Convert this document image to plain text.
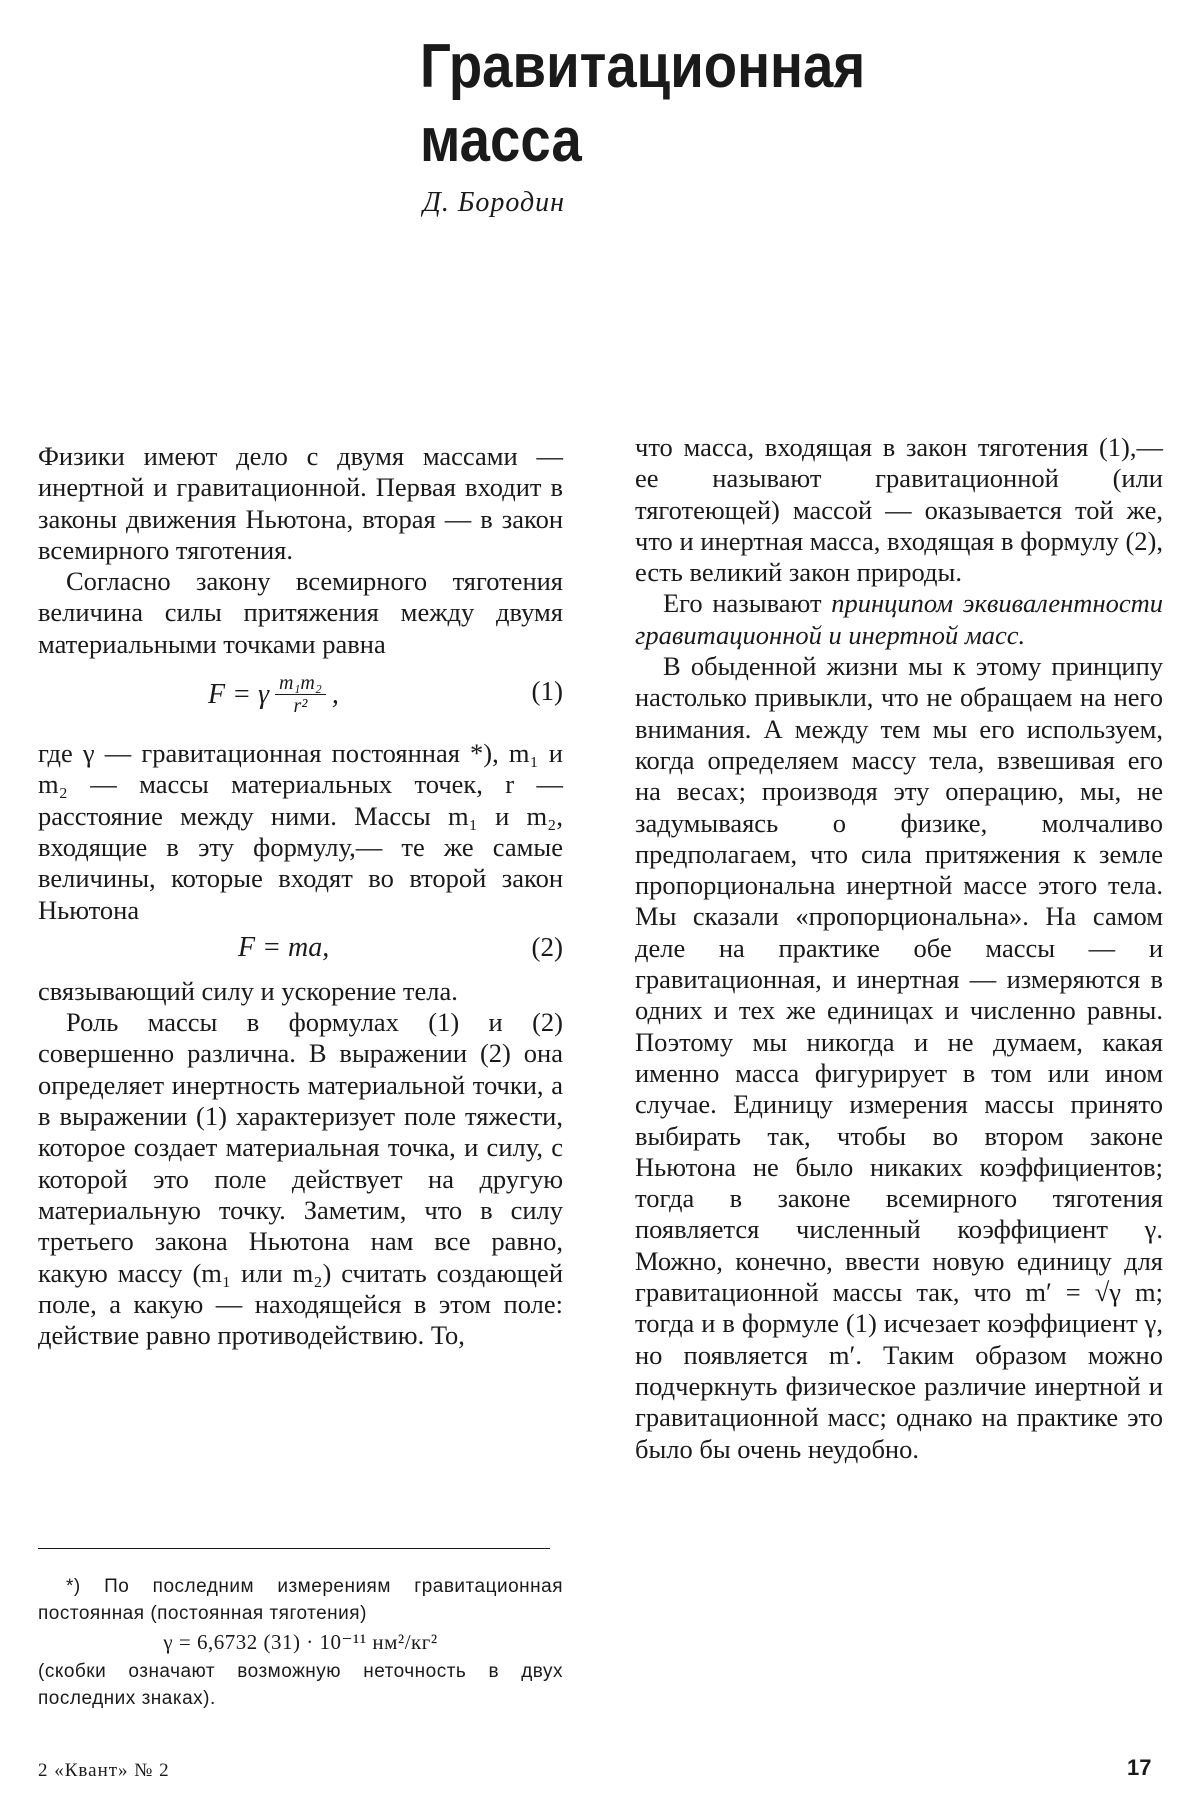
Гравитационная
масса
Д. Бородин

Физики имеют дело с двумя массами — инертной и гравитационной. Первая входит в законы движения Ньютона, вторая — в закон всемирного тяготения.

Согласно закону всемирного тяготения величина силы притяжения между двумя материальными точками равна

F = γ $\frac{\text{m₁m₂}}{\text{r²}}$ ,	(1)

где γ — гравитационная постоянная *), m₁ и m₂ — массы материальных точек, r — расстояние между ними. Массы m₁ и m₂, входящие в эту формулу,— те же самые величины, которые входят во второй закон Ньютона

F = ma,	(2)

связывающий силу и ускорение тела.

Роль массы в формулах (1) и (2) совершенно различна. В выражении (2) она определяет инертность материальной точки, а в выражении (1) характеризует поле тяжести, которое создает материальная точка, и силу, с которой это поле действует на другую материальную точку. Заметим, что в силу третьего закона Ньютона нам все равно, какую массу (m₁ или m₂) считать создающей поле, а какую — находящейся в этом поле: действие равно противодействию. То,

*) По последним измерениям гравитационная постоянная (постоянная тяготения)

γ = 6,6732 (31) · 10⁻¹¹ нм²/кг²

(скобки означают возможную неточность в двух последних знаках).

что масса, входящая в закон тяготения (1),— ее называют гравитационной (или тяготеющей) массой — оказывается той же, что и инертная масса, входящая в формулу (2), есть великий закон природы.

Его называют принципом эквивалентности гравитационной и инертной масс.

В обыденной жизни мы к этому принципу настолько привыкли, что не обращаем на него внимания. А между тем мы его используем, когда определяем массу тела, взвешивая его на весах; производя эту операцию, мы, не задумываясь о физике, молчаливо предполагаем, что сила притяжения к земле пропорциональна инертной массе этого тела. Мы сказали «пропорциональна». На самом деле на практике обе массы — и гравитационная, и инертная — измеряются в одних и тех же единицах и численно равны. Поэтому мы никогда и не думаем, какая именно масса фигурирует в том или ином случае. Единицу измерения массы принято выбирать так, чтобы во втором законе Ньютона не было никаких коэффициентов; тогда в законе всемирного тяготения появляется численный коэффициент γ. Можно, конечно, ввести новую единицу для гравитационной массы так, что m′ = √γ m; тогда и в формуле (1) исчезает коэффициент γ, но появляется m′. Таким образом можно подчеркнуть физическое различие инертной и гравитационной масс; однако на практике это было бы очень неудобно.

2 «Квант» № 2	17
